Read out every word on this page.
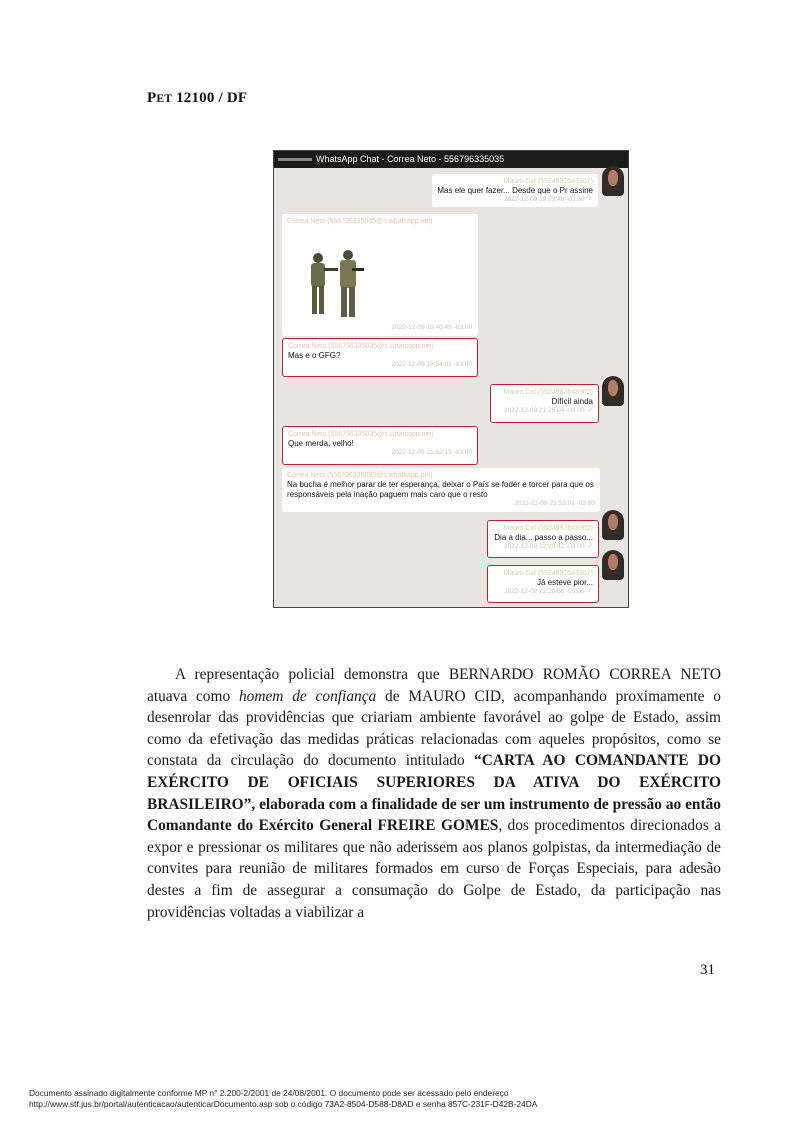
PET 12100 / DF
WhatsApp Chat - Correa Neto - 556796335035
Mauro Cid (5524992643302)
Mas ele quer fazer... Desde que o Pr assine
2022-12-09 19:03:48 -03:00 ✓
Correa Neto (556796335035@s.whatsapp.net)
2022-12-09 19:40:45 -03:00
Correa Neto (556796335035@s.whatsapp.net)
Mas e o GFG?
2022-12-09 19:54:01 -03:00
Mauro Cid (5524992643302)
Difícil ainda
2022-12-09 21:25:04 -03:00 ✓
Correa Neto (556796335035@s.whatsapp.net)
Que merda, velho!
2022-12-09 21:52:15 -03:00
Correa Neto (556796335035@s.whatsapp.net)
Na bucha é melhor parar de ter esperança, deixar o País se foder e torcer para que os responsáveis pela inação paguem mais caro que o resto
2022-12-09 21:53:01 -03:00
Mauro Cid (5524992643302)
Dia a dia... passo a passo...
2022-12-09 22:20:42 -03:00 ✓
Mauro Cid (5524992643302)
Já esteve pior...
2022-12-09 22:28:58 -03:00 ✓
A representação policial demonstra que BERNARDO ROMÃO CORREA NETO atuava como homem de confiança de MAURO CID, acompanhando proximamente o desenrolar das providências que criariam ambiente favorável ao golpe de Estado, assim como da efetivação das medidas práticas relacionadas com aqueles propósitos, como se constata da circulação do documento intitulado “CARTA AO COMANDANTE DO EXÉRCITO DE OFICIAIS SUPERIORES DA ATIVA DO EXÉRCITO BRASILEIRO”, elaborada com a finalidade de ser um instrumento de pressão ao então Comandante do Exército General FREIRE GOMES, dos procedimentos direcionados a expor e pressionar os militares que não aderissem aos planos golpistas, da intermediação de convites para reunião de militares formados em curso de Forças Especiais, para adesão destes a fim de assegurar a consumação do Golpe de Estado, da participação nas providências voltadas a viabilizar a
31
Documento assinado digitalmente conforme MP n° 2.200-2/2001 de 24/08/2001. O documento pode ser acessado pelo endereço
http://www.stf.jus.br/portal/autenticacao/autenticarDocumento.asp sob o código 73A2-8504-D588-D8AD e senha 857C-231F-D42B-24DA
